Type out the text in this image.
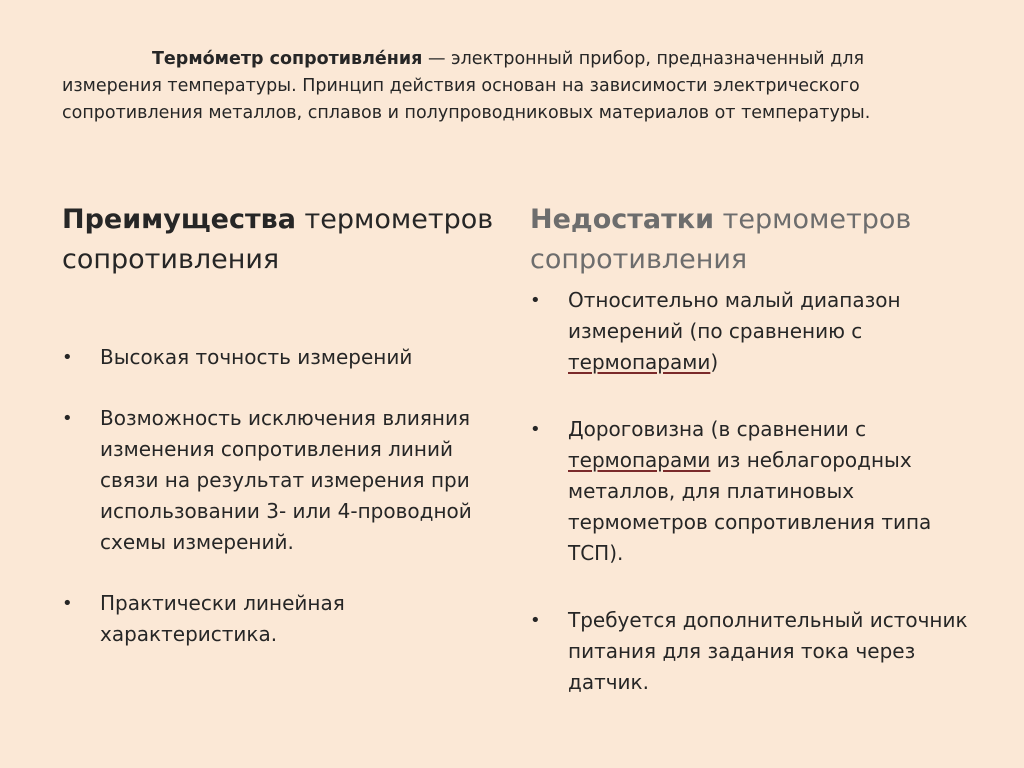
Термо́метр сопротивле́ния — электронный прибор, предназначенный для измерения температуры. Принцип действия основан на зависимости электрического сопротивления металлов, сплавов и полупроводниковых материалов от температуры.

Преимущества термометров сопротивления
• Высокая точность измерений
• Возможность исключения влияния изменения сопротивления линий связи на результат измерения при использовании 3- или 4-проводной схемы измерений.
• Практически линейная характеристика.
Недостатки термометров сопротивления
• Относительно малый диапазон измерений (по сравнению с термопарами)
• Дороговизна (в сравнении с термопарами из неблагородных металлов, для платиновых термометров сопротивления типа ТСП).
• Требуется дополнительный источник питания для задания тока через датчик.
